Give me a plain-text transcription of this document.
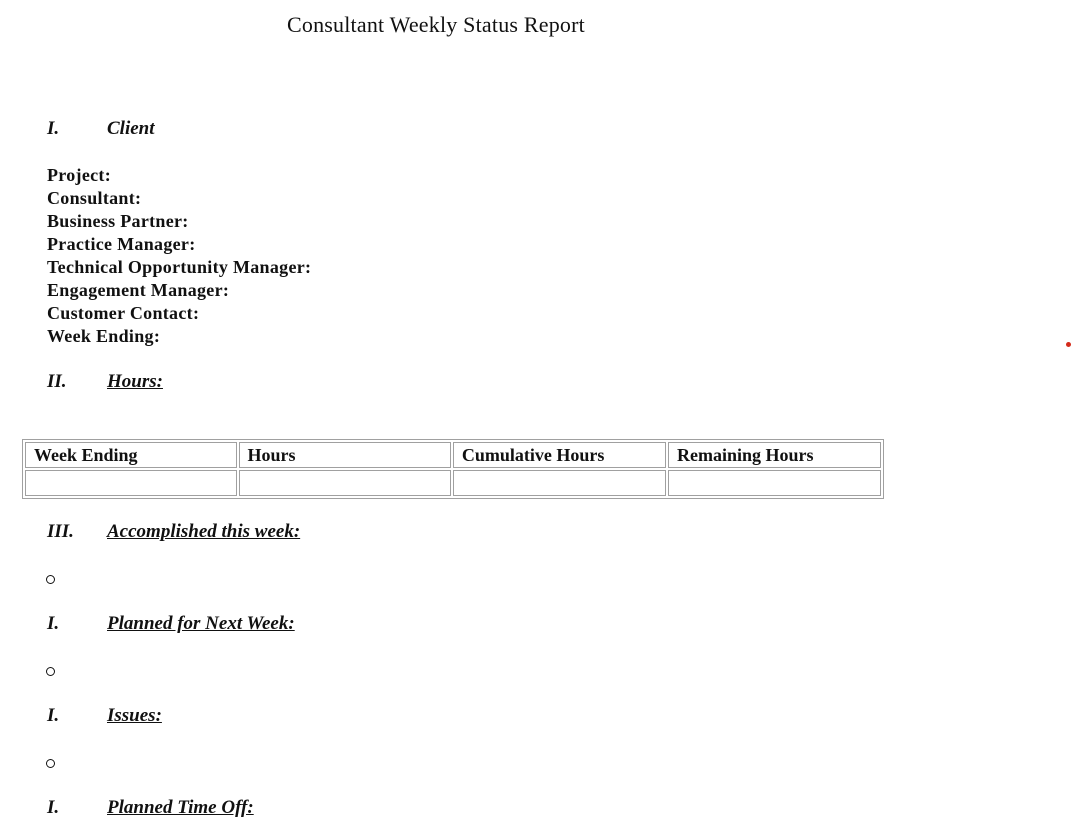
Consultant Weekly Status Report
I.	Client
Project:
Consultant:
Business Partner:
Practice Manager:
Technical Opportunity Manager:
Engagement Manager:
Customer Contact:
Week Ending:
II. Hours:
Week Ending	Hours	Cumulative Hours	Remaining Hours

III. Accomplished this week:
I.	Planned for Next Week:
I.	Issues:
I.	Planned Time Off:
